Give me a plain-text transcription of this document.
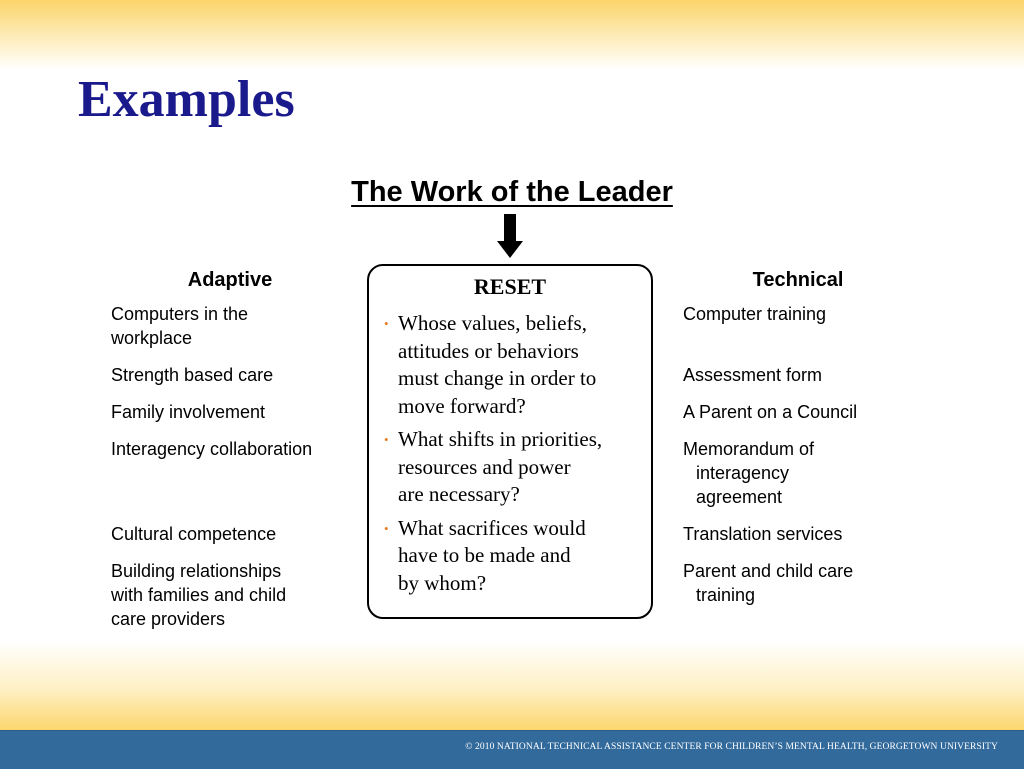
© 2010 NATIONAL TECHNICAL ASSISTANCE CENTER FOR CHILDREN’S MENTAL HEALTH, GEORGETOWN UNIVERSITY
Examples
The Work of the Leader
Adaptive
Computers in the
workplace
Strength based care
Family involvement
Interagency collaboration
Cultural competence
Building relationships
with families and child
care providers
RESET
• Whose values, beliefs,
attitudes or behaviors
must change in order to
move forward?
• What shifts in priorities,
resources and power
are necessary?
• What sacrifices would
have to be made and
by whom?
Technical
Computer training
Assessment form
A Parent on a Council
Memorandum of
interagency
agreement
Translation services
Parent and child care
training
